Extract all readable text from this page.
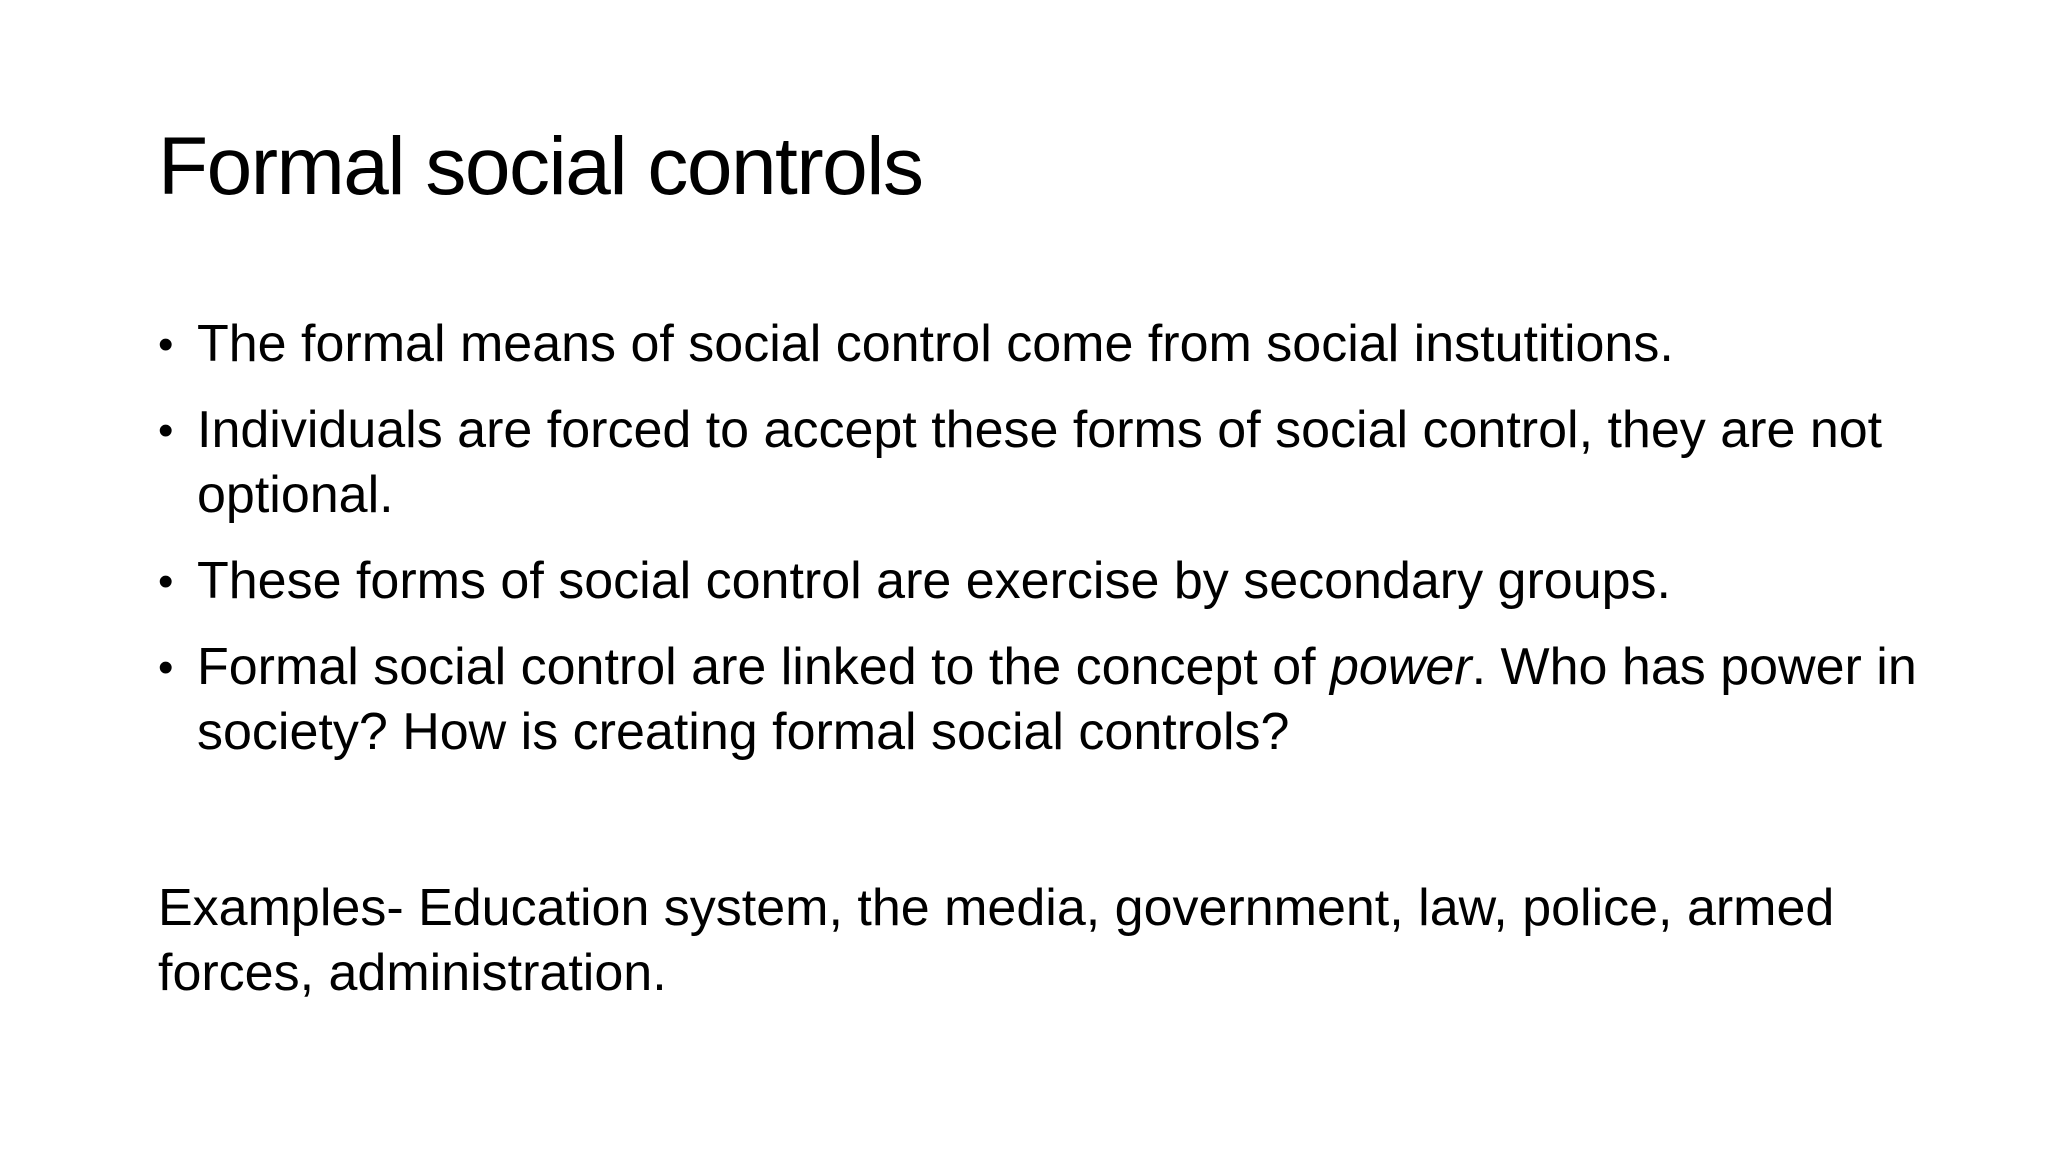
Formal social controls
• The formal means of social control come from social instutitions.
• Individuals are forced to accept these forms of social control, they are not optional.
• These forms of social control are exercise by secondary groups.
• Formal social control are linked to the concept of power. Who has power in society? How is creating formal social controls?

Examples- Education system, the media, government, law, police, armed forces, administration.
